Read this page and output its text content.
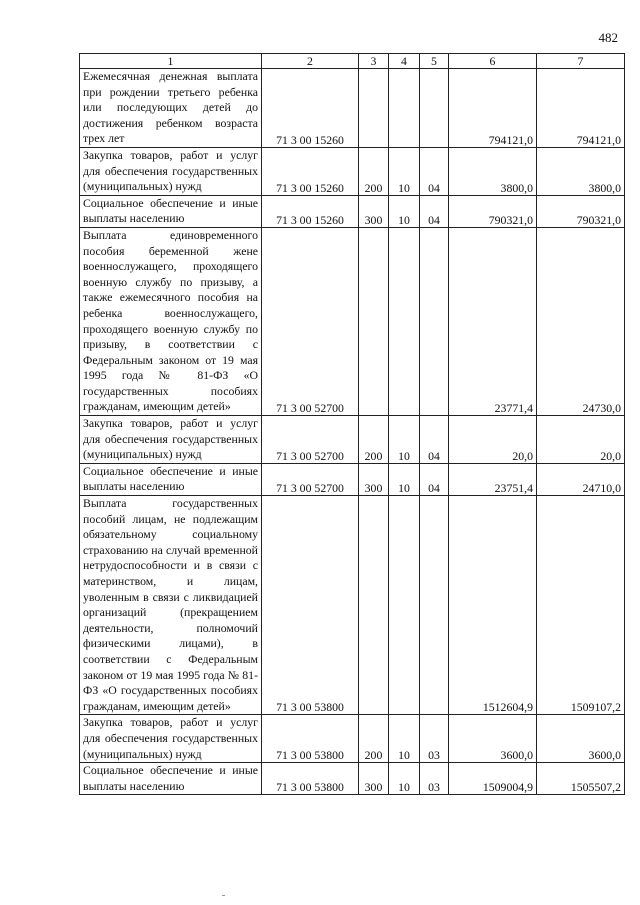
482
1	2	3	4	5	6	7
Ежемесячная денежная выплата при рождении третьего ребенка или последующих детей до достижения ребенком возраста трех лет	71 3 00 15260				794121,0	794121,0
Закупка товаров, работ и услуг для обеспечения государственных (муниципальных) нужд	71 3 00 15260	200	10	04	3800,0	3800,0
Социальное обеспечение и иные выплаты населению	71 3 00 15260	300	10	04	790321,0	790321,0
Выплата единовременного пособия беременной жене военнослужащего, проходящего военную службу по призыву, а также ежемесячного пособия на ребенка военнослужащего, проходящего военную службу по призыву, в соответствии с Федеральным законом от 19 мая 1995 года № 81-ФЗ «О государственных пособиях гражданам, имеющим детей»	71 3 00 52700				23771,4	24730,0
Закупка товаров, работ и услуг для обеспечения государственных (муниципальных) нужд	71 3 00 52700	200	10	04	20,0	20,0
Социальное обеспечение и иные выплаты населению	71 3 00 52700	300	10	04	23751,4	24710,0
Выплата государственных пособий лицам, не подлежащим обязательному социальному страхованию на случай временной нетрудоспособности и в связи с материнством, и лицам, уволенным в связи с ликвидацией организаций (прекращением деятельности, полномочий физическими лицами), в соответствии с Федеральным законом от 19 мая 1995 года № 81-ФЗ «О государственных пособиях гражданам, имеющим детей»	71 3 00 53800				1512604,9	1509107,2
Закупка товаров, работ и услуг для обеспечения государственных (муниципальных) нужд	71 3 00 53800	200	10	03	3600,0	3600,0
Социальное обеспечение и иные выплаты населению	71 3 00 53800	300	10	03	1509004,9	1505507,2
